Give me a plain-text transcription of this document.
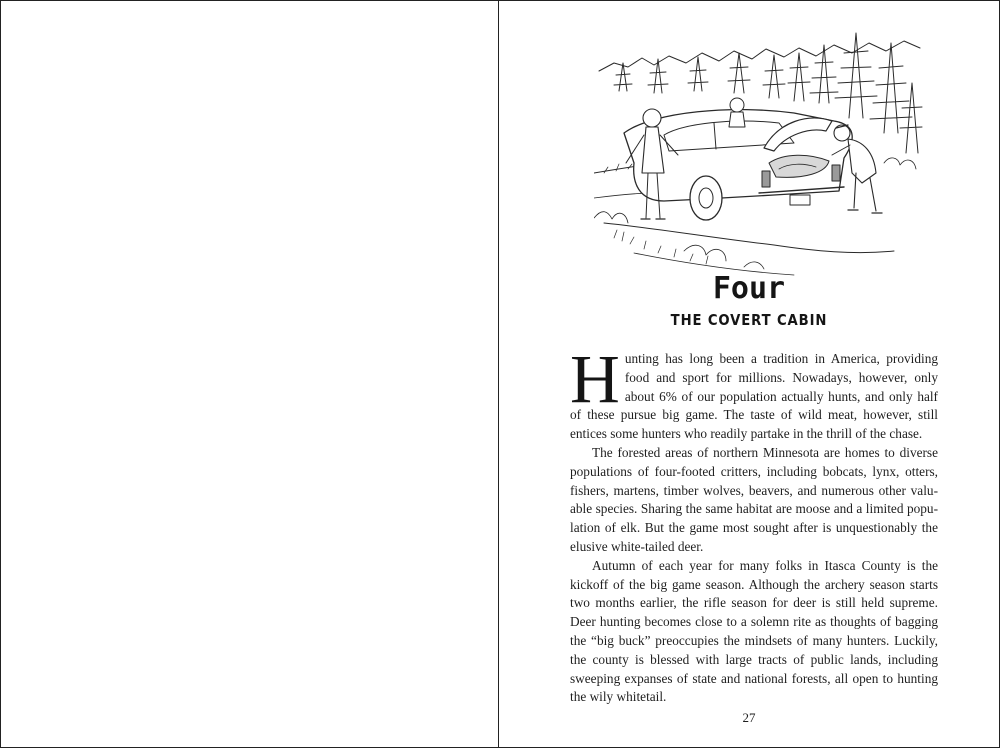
Four
THE COVERT CABIN

Hunting has long been a tradition in America, providing food and sport for millions. Nowadays, however, only about 6% of our population actually hunts, and only half of these pursue big game. The taste of wild meat, however, still entices some hunters who readily partake in the thrill of the chase.

The forested areas of northern Minnesota are homes to diverse populations of four-footed critters, including bobcats, lynx, otters, fishers, martens, timber wolves, beavers, and numerous other valuable species. Sharing the same habitat are moose and a limited population of elk. But the game most sought after is unquestionably the elusive white-tailed deer.

Autumn of each year for many folks in Itasca County is the kickoff of the big game season. Although the archery season starts two months earlier, the rifle season for deer is still held supreme. Deer hunting becomes close to a solemn rite as thoughts of bagging the “big buck” preoccupies the mindsets of many hunters. Luckily, the county is blessed with large tracts of public lands, including sweeping expanses of state and national forests, all open to hunting the wily whitetail.

27
